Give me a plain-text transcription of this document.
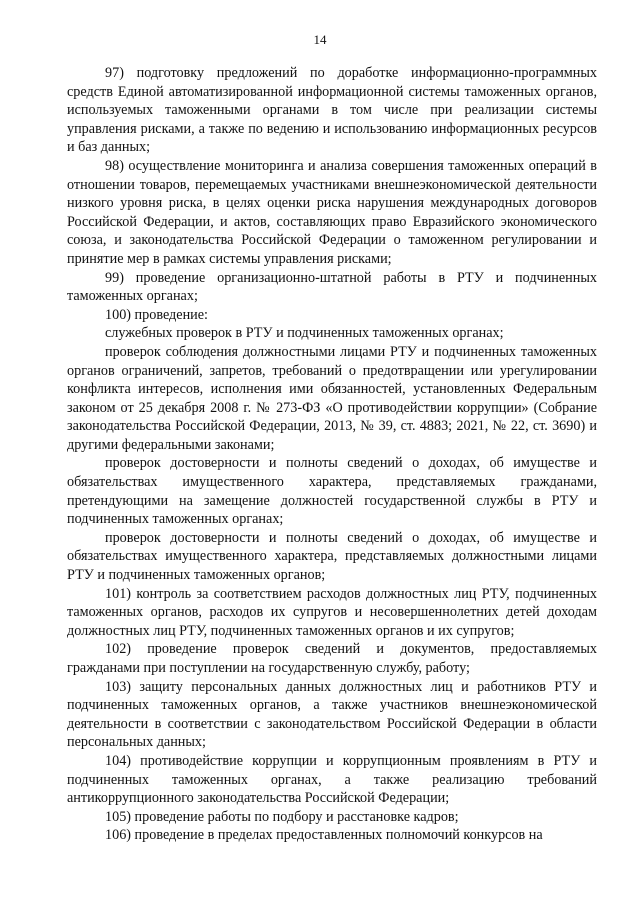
14

97) подготовку предложений по доработке информационно-программных средств Единой автоматизированной информационной системы таможенных органов, используемых таможенными органами в том числе при реализации системы управления рисками, а также по ведению и использованию информационных ресурсов и баз данных;

98) осуществление мониторинга и анализа совершения таможенных операций в отношении товаров, перемещаемых участниками внешнеэкономической деятельности низкого уровня риска, в целях оценки риска нарушения международных договоров Российской Федерации, и актов, составляющих право Евразийского экономического союза, и законодательства Российской Федерации о таможенном регулировании и принятие мер в рамках системы управления рисками;

99) проведение организационно-штатной работы в РТУ и подчиненных таможенных органах;

100) проведение:

служебных проверок в РТУ и подчиненных таможенных органах;

проверок соблюдения должностными лицами РТУ и подчиненных таможенных органов ограничений, запретов, требований о предотвращении или урегулировании конфликта интересов, исполнения ими обязанностей, установленных Федеральным законом от 25 декабря 2008 г. № 273-ФЗ «О противодействии коррупции» (Собрание законодательства Российской Федерации, 2013, № 39, ст. 4883; 2021, № 22, ст. 3690) и другими федеральными законами;

проверок достоверности и полноты сведений о доходах, об имуществе и обязательствах имущественного характера, представляемых гражданами, претендующими на замещение должностей государственной службы в РТУ и подчиненных таможенных органах;

проверок достоверности и полноты сведений о доходах, об имуществе и обязательствах имущественного характера, представляемых должностными лицами РТУ и подчиненных таможенных органов;

101) контроль за соответствием расходов должностных лиц РТУ, подчиненных таможенных органов, расходов их супругов и несовершеннолетних детей доходам должностных лиц РТУ, подчиненных таможенных органов и их супругов;

102) проведение проверок сведений и документов, предоставляемых гражданами при поступлении на государственную службу, работу;

103) защиту персональных данных должностных лиц и работников РТУ и подчиненных таможенных органов, а также участников внешнеэкономической деятельности в соответствии с законодательством Российской Федерации в области персональных данных;

104) противодействие коррупции и коррупционным проявлениям в РТУ и подчиненных таможенных органах, а также реализацию требований антикоррупционного законодательства Российской Федерации;

105) проведение работы по подбору и расстановке кадров;

106) проведение в пределах предоставленных полномочий конкурсов на
